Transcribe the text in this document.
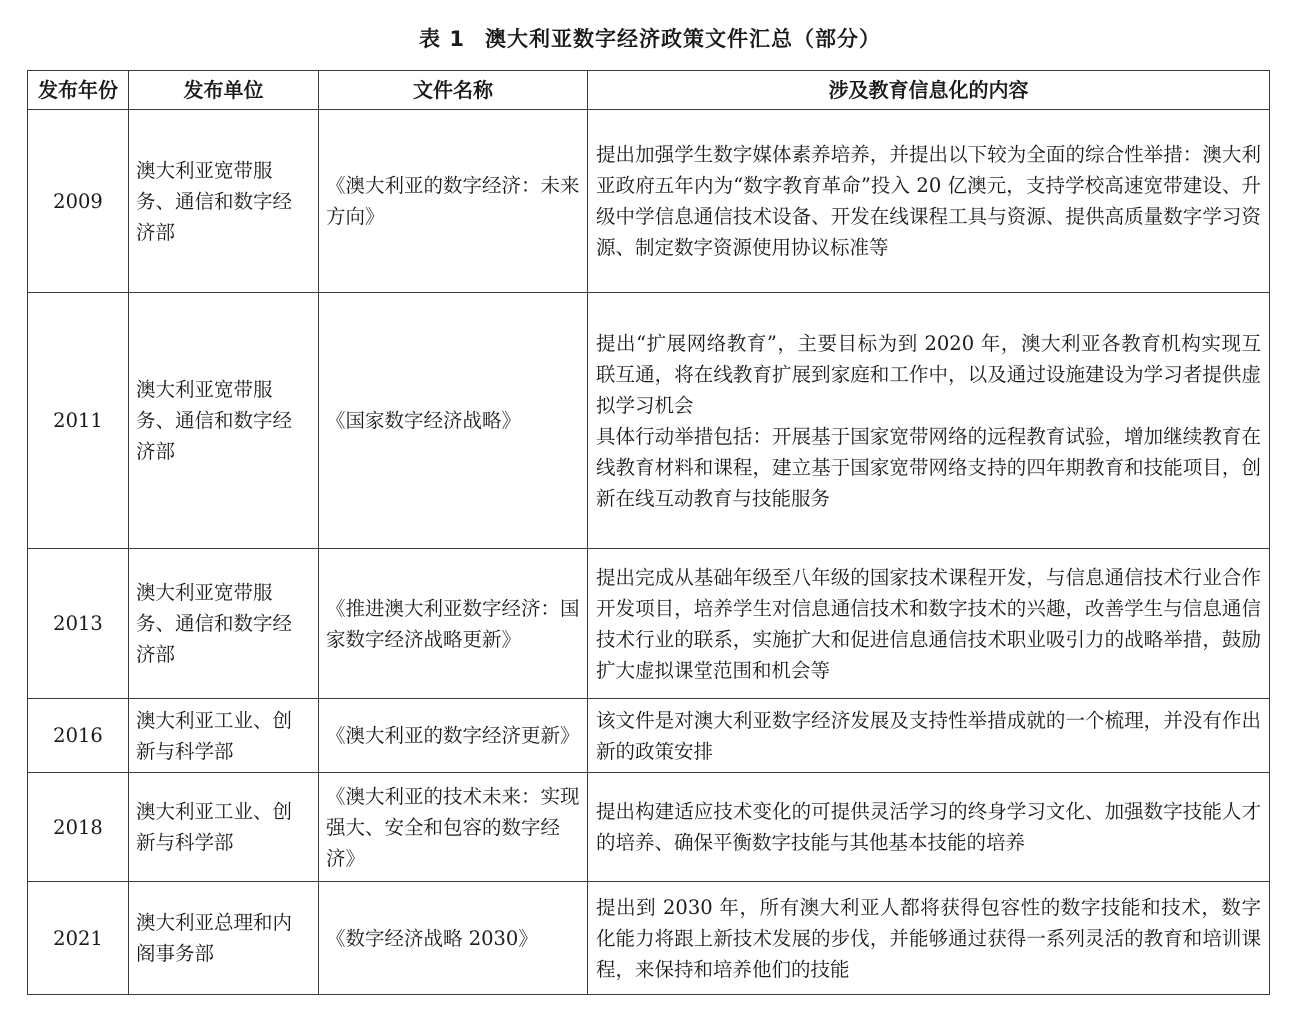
表 1 澳大利亚数字经济政策文件汇总（部分）
发布年份	发布单位	文件名称	涉及教育信息化的内容
2009	澳大利亚宽带服务、通信和数字经济部	《澳大利亚的数字经济：未来方向》	提出加强学生数字媒体素养培养，并提出以下较为全面的综合性举措：澳大利亚政府五年内为“数字教育革命”投入 20 亿澳元，支持学校高速宽带建设、升级中学信息通信技术设备、开发在线课程工具与资源、提供高质量数字学习资源、制定数字资源使用协议标准等

2011	澳大利亚宽带服务、通信和数字经济部	《国家数字经济战略》	提出“扩展网络教育”，主要目标为到 2020 年，澳大利亚各教育机构实现互联互通，将在线教育扩展到家庭和工作中，以及通过设施建设为学习者提供虚拟学习机会
具体行动举措包括：开展基于国家宽带网络的远程教育试验，增加继续教育在线教育材料和课程，建立基于国家宽带网络支持的四年期教育和技能项目，创新在线互动教育与技能服务

2013	澳大利亚宽带服务、通信和数字经济部	《推进澳大利亚数字经济：国家数字经济战略更新》	提出完成从基础年级至八年级的国家技术课程开发，与信息通信技术行业合作开发项目，培养学生对信息通信技术和数字技术的兴趣，改善学生与信息通信技术行业的联系，实施扩大和促进信息通信技术职业吸引力的战略举措，鼓励扩大虚拟课堂范围和机会等

2016	澳大利亚工业、创新与科学部	《澳大利亚的数字经济更新》	该文件是对澳大利亚数字经济发展及支持性举措成就的一个梳理，并没有作出新的政策安排

2018	澳大利亚工业、创新与科学部	《澳大利亚的技术未来：实现强大、安全和包容的数字经济》	提出构建适应技术变化的可提供灵活学习的终身学习文化、加强数字技能人才的培养、确保平衡数字技能与其他基本技能的培养

2021	澳大利亚总理和内阁事务部	《数字经济战略 2030》	提出到 2030 年，所有澳大利亚人都将获得包容性的数字技能和技术，数字化能力将跟上新技术发展的步伐，并能够通过获得一系列灵活的教育和培训课程，来保持和培养他们的技能
